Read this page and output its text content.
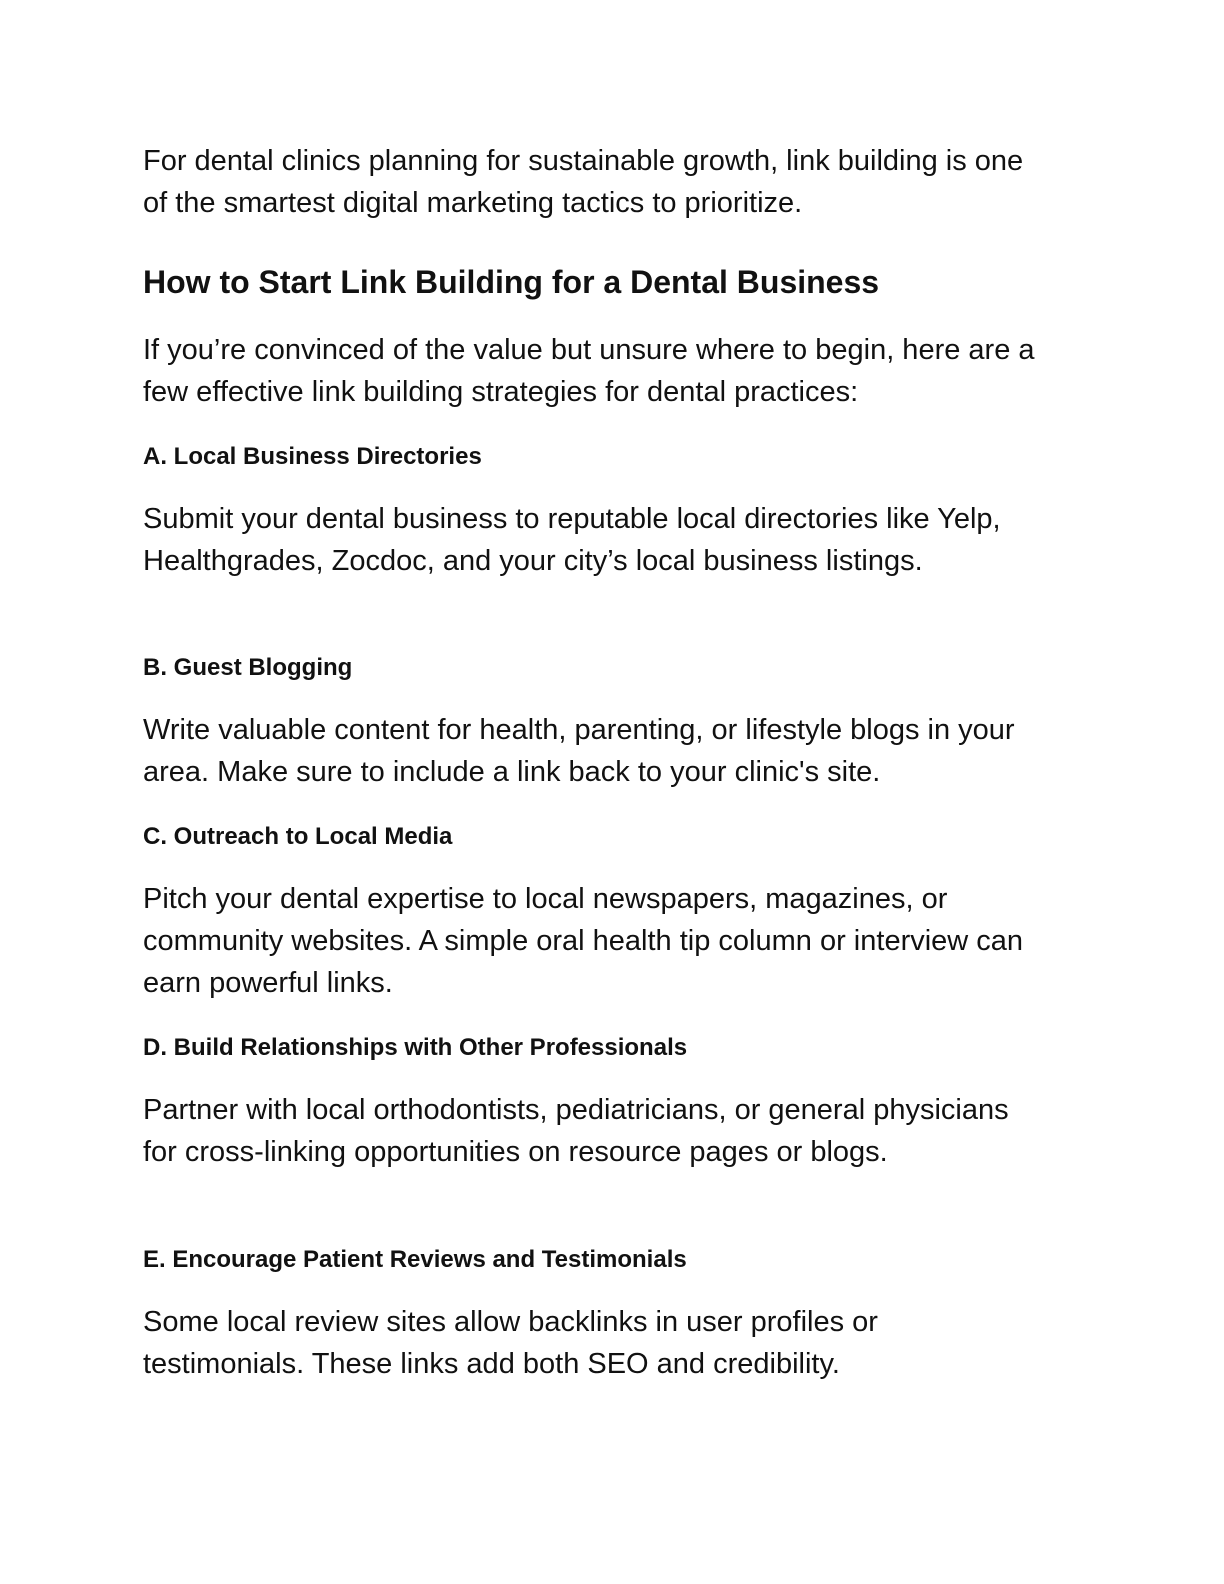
For dental clinics planning for sustainable growth, link building is one of the smartest digital marketing tactics to prioritize.

How to Start Link Building for a Dental Business

If you’re convinced of the value but unsure where to begin, here are a few effective link building strategies for dental practices:

A. Local Business Directories

Submit your dental business to reputable local directories like Yelp, Healthgrades, Zocdoc, and your city’s local business listings.

B. Guest Blogging

Write valuable content for health, parenting, or lifestyle blogs in your area. Make sure to include a link back to your clinic's site.

C. Outreach to Local Media

Pitch your dental expertise to local newspapers, magazines, or community websites. A simple oral health tip column or interview can earn powerful links.

D. Build Relationships with Other Professionals

Partner with local orthodontists, pediatricians, or general physicians for cross-linking opportunities on resource pages or blogs.

E. Encourage Patient Reviews and Testimonials

Some local review sites allow backlinks in user profiles or testimonials. These links add both SEO and credibility.
